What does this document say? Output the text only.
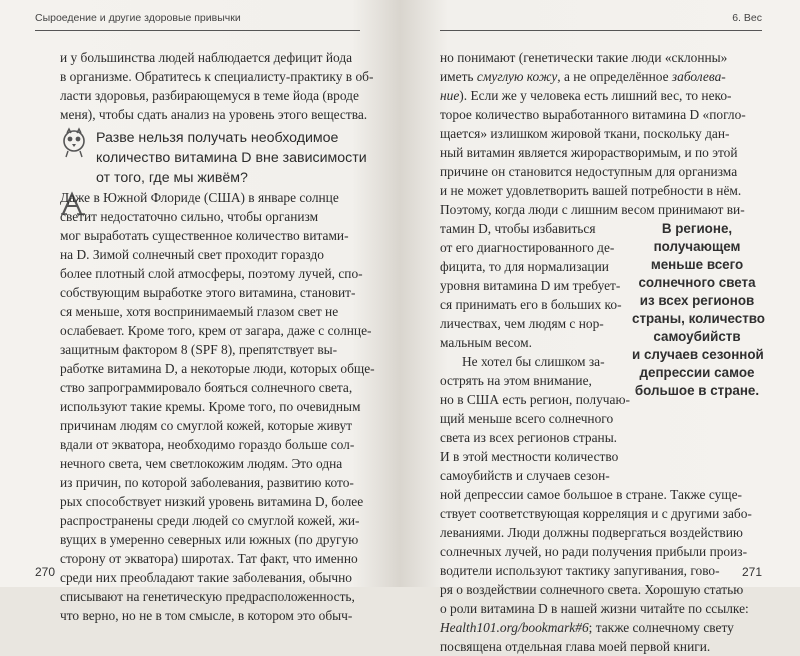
Сыроедение и другие здоровые привычки
и у большинства людей наблюдается дефицит йода
в организме. Обратитесь к специалисту-практику в об-
ласти здоровья, разбирающемуся в теме йода (вроде
меня), чтобы сдать анализ на уровень этого вещества.
Разве нельзя получать необходимое
количество витамина D вне зависимости
от того, где мы живём?
Даже в Южной Флориде (США) в январе солнце
светит недостаточно сильно, чтобы организм
мог выработать существенное количество витами-
на D. Зимой солнечный свет проходит гораздо
более плотный слой атмосферы, поэтому лучей, спо-
собствующим выработке этого витамина, становит-
ся меньше, хотя воспринимаемый глазом свет не
ослабевает. Кроме того, крем от загара, даже с солнце-
защитным фактором 8 (SPF 8), препятствует вы-
работке витамина D, а некоторые люди, которых обще-
ство запрограммировало бояться солнечного света,
используют такие кремы. Кроме того, по очевидным
причинам людям со смуглой кожей, которые живут
вдали от экватора, необходимо гораздо больше сол-
нечного света, чем светлокожим людям. Это одна
из причин, по которой заболевания, развитию кото-
рых способствует низкий уровень витамина D, более
распространены среди людей со смуглой кожей, жи-
вущих в умеренно северных или южных (по другую
сторону от экватора) широтах. Тат факт, что именно
среди них преобладают такие заболевания, обычно
списывают на генетическую предрасположенность,
что верно, но не в том смысле, в котором это обыч-
270
6. Вес
но понимают (генетически такие люди «склонны»
иметь смуглую кожу, а не определённое заболева-
ние). Если же у человека есть лишний вес, то неко-
торое количество выработанного витамина D «погло-
щается» излишком жировой ткани, поскольку дан-
ный витамин является жирорастворимым, и по этой
причине он становится недоступным для организма
и не может удовлетворить вашей потребности в нём.
Поэтому, когда люди с лишним весом принимают ви-
тамин D, чтобы избавиться
от его диагностированного де-
фицита, то для нормализации
уровня витамина D им требует-
ся принимать его в больших ко-
личествах, чем людям с нор-
мальным весом.
Не хотел бы слишком за-
острять на этом внимание,
но в США есть регион, получаю-
щий меньше всего солнечного
света из всех регионов страны.
И в этой местности количество
самоубийств и случаев сезон-
ной депрессии самое большое в стране. Также суще-
ствует соответствующая корреляция и с другими забо-
леваниями. Люди должны подвергаться воздействию
солнечных лучей, но ради получения прибыли произ-
водители используют тактику запугивания, гово-
ря о воздействии солнечного света. Хорошую статью
о роли витамина D в нашей жизни читайте по ссылке:
Health101.org/bookmark#6; также солнечному свету
посвящена отдельная глава моей первой книги.
В регионе,
получающем
меньше всего
солнечного света
из всех регионов
страны, количество
самоубийств
и случаев сезонной
депрессии самое
большое в стране.
271
